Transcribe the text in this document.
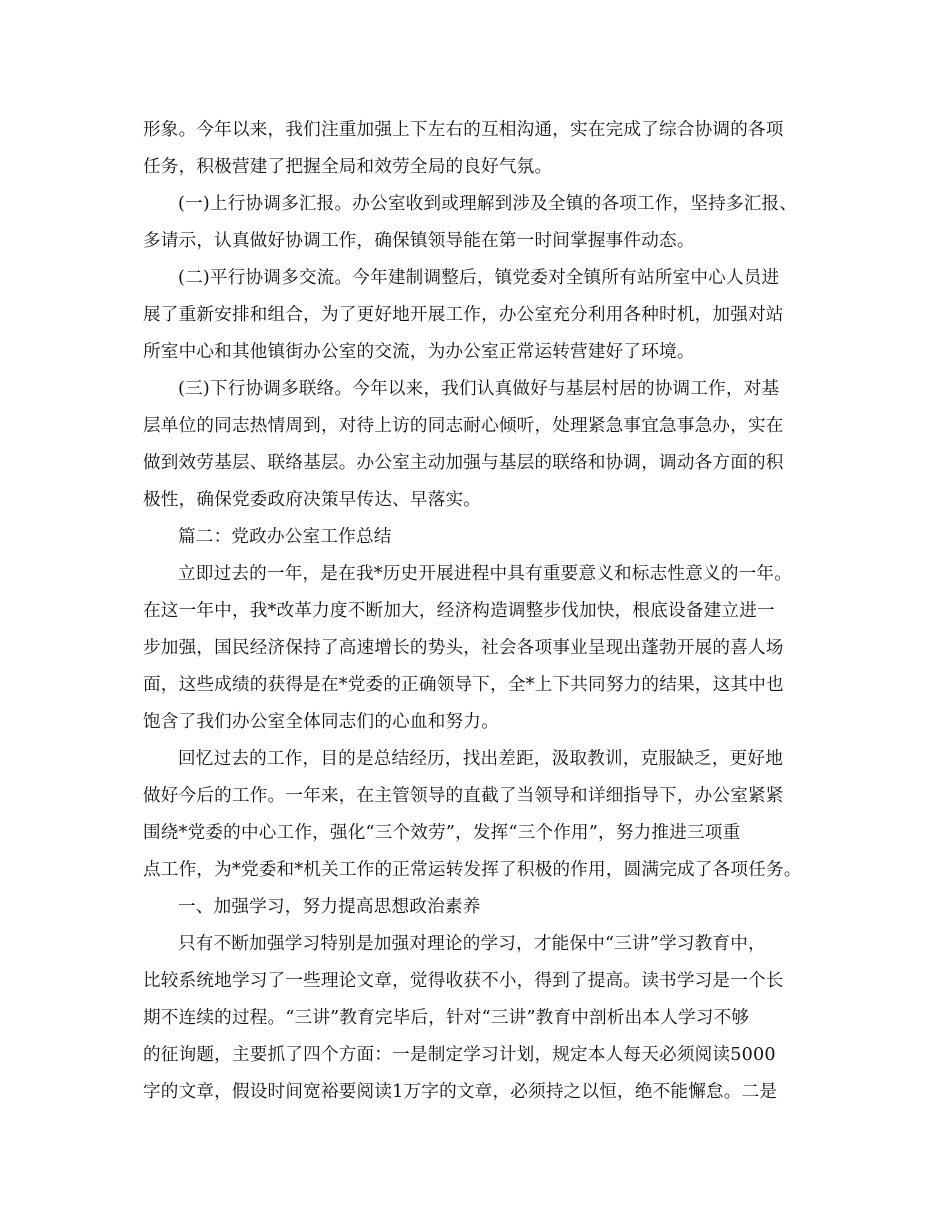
形象。今年以来，我们注重加强上下左右的互相沟通，实在完成了综合协调的各项
任务，积极营建了把握全局和效劳全局的良好气氛。
(一)上行协调多汇报。办公室收到或理解到涉及全镇的各项工作，坚持多汇报、
多请示，认真做好协调工作，确保镇领导能在第一时间掌握事件动态。
(二)平行协调多交流。今年建制调整后，镇党委对全镇所有站所室中心人员进
展了重新安排和组合，为了更好地开展工作，办公室充分利用各种时机，加强对站
所室中心和其他镇街办公室的交流，为办公室正常运转营建好了环境。
(三)下行协调多联络。今年以来，我们认真做好与基层村居的协调工作，对基
层单位的同志热情周到，对待上访的同志耐心倾听，处理紧急事宜急事急办，实在
做到效劳基层、联络基层。办公室主动加强与基层的联络和协调，调动各方面的积
极性，确保党委政府决策早传达、早落实。
篇二：党政办公室工作总结
立即过去的一年，是在我*历史开展进程中具有重要意义和标志性意义的一年。
在这一年中，我*改革力度不断加大，经济构造调整步伐加快，根底设备建立进一
步加强，国民经济保持了高速增长的势头，社会各项事业呈现出蓬勃开展的喜人场
面，这些成绩的获得是在*党委的正确领导下，全*上下共同努力的结果，这其中也
饱含了我们办公室全体同志们的心血和努力。
回忆过去的工作，目的是总结经历，找出差距，汲取教训，克服缺乏，更好地
做好今后的工作。一年来，在主管领导的直截了当领导和详细指导下，办公室紧紧
围绕*党委的中心工作，强化“三个效劳”，发挥“三个作用”，努力推进三项重
点工作，为*党委和*机关工作的正常运转发挥了积极的作用，圆满完成了各项任务。
一、加强学习，努力提高思想政治素养
只有不断加强学习特别是加强对理论的学习，才能保中“三讲”学习教育中，
比较系统地学习了一些理论文章，觉得收获不小，得到了提高。读书学习是一个长
期不连续的过程。“三讲”教育完毕后，针对“三讲”教育中剖析出本人学习不够
的征询题，主要抓了四个方面：一是制定学习计划，规定本人每天必须阅读5000
字的文章，假设时间宽裕要阅读1万字的文章，必须持之以恒，绝不能懈怠。二是
